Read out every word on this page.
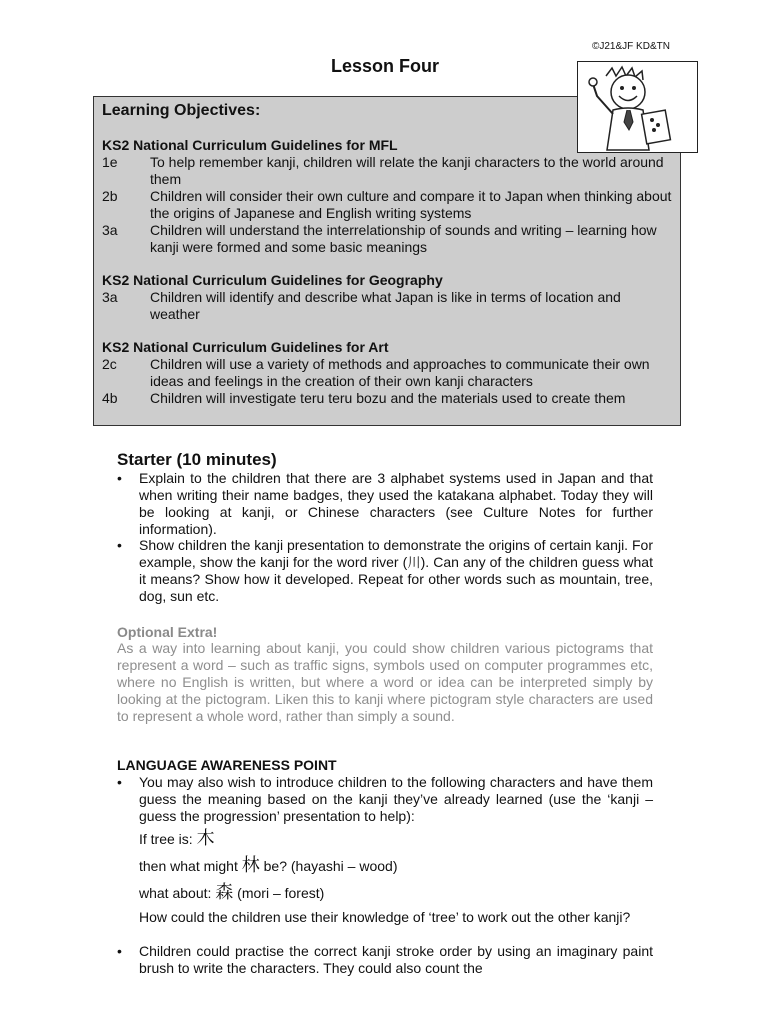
©J21&JF KD&TN
Lesson Four
Learning Objectives:
KS2 National Curriculum Guidelines for MFL
1e	To help remember kanji, children will relate the kanji characters to the world around them
2b	Children will consider their own culture and compare it to Japan when thinking about the origins of Japanese and English writing systems
3a	Children will understand the interrelationship of sounds and writing – learning how kanji were formed and some basic meanings
KS2 National Curriculum Guidelines for Geography
3a	Children will identify and describe what Japan is like in terms of location and weather
KS2 National Curriculum Guidelines for Art
2c	Children will use a variety of methods and approaches to communicate their own ideas and feelings in the creation of their own kanji characters
4b	Children will investigate teru teru bozu and the materials used to create them
Starter (10 minutes)
• Explain to the children that there are 3 alphabet systems used in Japan and that when writing their name badges, they used the katakana alphabet. Today they will be looking at kanji, or Chinese characters (see Culture Notes for further information).
• Show children the kanji presentation to demonstrate the origins of certain kanji. For example, show the kanji for the word river (川). Can any of the children guess what it means? Show how it developed. Repeat for other words such as mountain, tree, dog, sun etc.
Optional Extra!
As a way into learning about kanji, you could show children various pictograms that represent a word – such as traffic signs, symbols used on computer programmes etc, where no English is written, but where a word or idea can be interpreted simply by looking at the pictogram. Liken this to kanji where pictogram style characters are used to represent a whole word, rather than simply a sound.
LANGUAGE AWARENESS POINT
• You may also wish to introduce children to the following characters and have them guess the meaning based on the kanji they’ve already learned (use the ‘kanji – guess the progression’ presentation to help):
If tree is: 木
then what might 林 be? (hayashi – wood)
what about: 森 (mori – forest)
How could the children use their knowledge of ‘tree’ to work out the other kanji?
• Children could practise the correct kanji stroke order by using an imaginary paint brush to write the characters. They could also count the
